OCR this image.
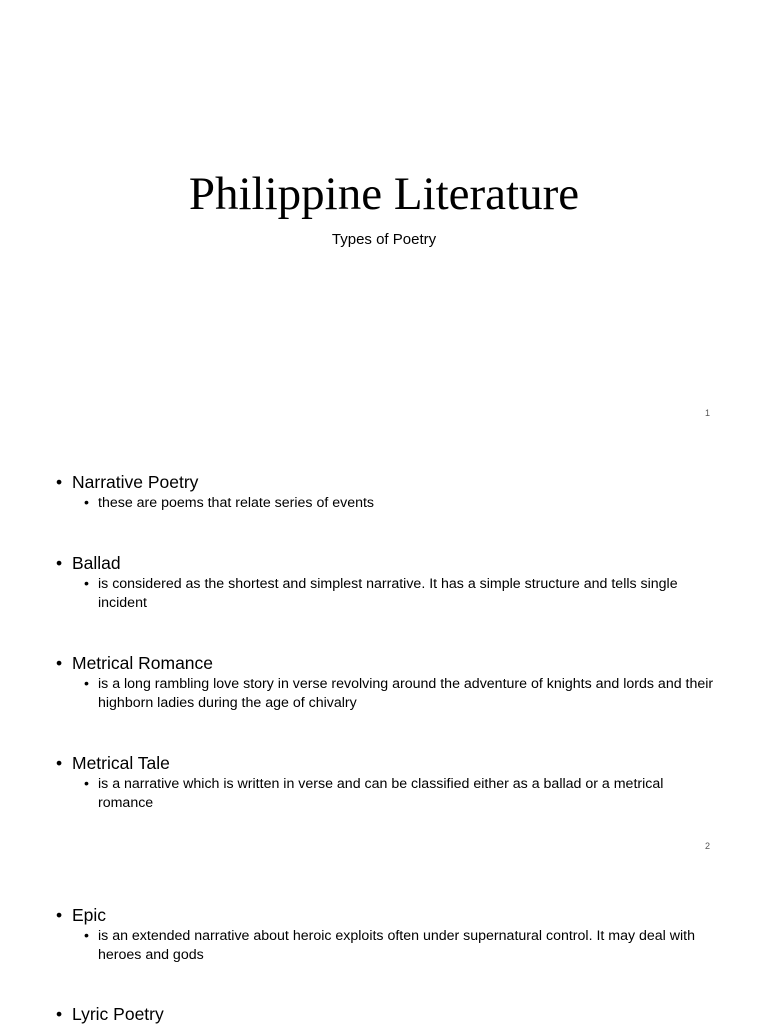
Philippine Literature
Types of Poetry
1
• Narrative Poetry
• these are poems that relate series of events
• Ballad
• is considered as the shortest and simplest narrative. It has a simple structure and tells single incident
• Metrical Romance
• is a long rambling love story in verse revolving around the adventure of knights and lords and their highborn ladies during the age of chivalry
• Metrical Tale
• is a narrative which is written in verse and can be classified either as a ballad or a metrical romance
2
• Epic
• is an extended narrative about heroic exploits often under supernatural control. It may deal with heroes and gods
• Lyric Poetry
